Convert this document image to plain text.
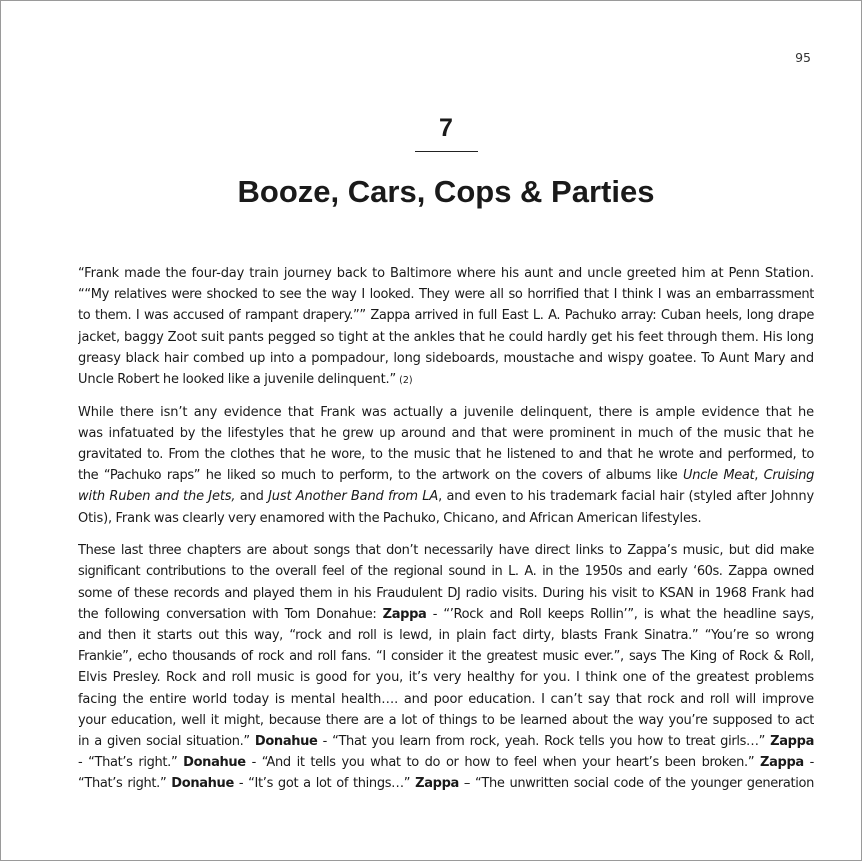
95
7
Booze, Cars, Cops & Parties

“Frank made the four-day train journey back to Baltimore where his aunt and uncle greeted him at Penn Station.
““My relatives were shocked to see the way I looked. They were all so horrified that I think I was an embarrassment
to them. I was accused of rampant drapery.”” Zappa arrived in full East L. A. Pachuko array: Cuban heels, long drape
jacket, baggy Zoot suit pants pegged so tight at the ankles that he could hardly get his feet through them. His long
greasy black hair combed up into a pompadour, long sideboards, moustache and wispy goatee. To Aunt Mary and
Uncle Robert he looked like a juvenile delinquent.” (2)

While there isn’t any evidence that Frank was actually a juvenile delinquent, there is ample evidence that he
was infatuated by the lifestyles that he grew up around and that were prominent in much of the music that he
gravitated to. From the clothes that he wore, to the music that he listened to and that he wrote and performed, to
the “Pachuko raps” he liked so much to perform, to the artwork on the covers of albums like Uncle Meat, Cruising
with Ruben and the Jets, and Just Another Band from LA, and even to his trademark facial hair (styled after Johnny
Otis), Frank was clearly very enamored with the Pachuko, Chicano, and African American lifestyles.

These last three chapters are about songs that don’t necessarily have direct links to Zappa’s music, but did make
significant contributions to the overall feel of the regional sound in L. A. in the 1950s and early ‘60s. Zappa owned
some of these records and played them in his Fraudulent DJ radio visits. During his visit to KSAN in 1968 Frank had
the following conversation with Tom Donahue: Zappa - “’Rock and Roll keeps Rollin’”, is what the headline says,
and then it starts out this way, “rock and roll is lewd, in plain fact dirty, blasts Frank Sinatra.” “You’re so wrong
Frankie”, echo thousands of rock and roll fans. “I consider it the greatest music ever.”, says The King of Rock & Roll,
Elvis Presley. Rock and roll music is good for you, it’s very healthy for you. I think one of the greatest problems
facing the entire world today is mental health…. and poor education. I can’t say that rock and roll will improve
your education, well it might, because there are a lot of things to be learned about the way you’re supposed to act
in a given social situation.” Donahue - “That you learn from rock, yeah. Rock tells you how to treat girls…” Zappa
- “That’s right.” Donahue - “And it tells you what to do or how to feel when your heart’s been broken.” Zappa -
“That’s right.” Donahue - “It’s got a lot of things…” Zappa – “The unwritten social code of the younger generation
